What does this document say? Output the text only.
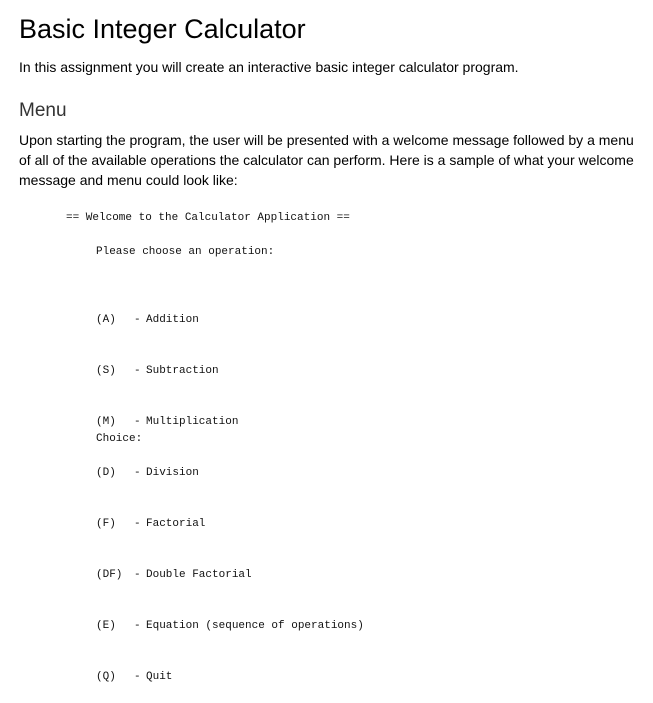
Basic Integer Calculator

In this assignment you will create an interactive basic integer calculator program.

Menu

Upon starting the program, the user will be presented with a welcome message followed by a menu of all of the available operations the calculator can perform. Here is a sample of what your welcome message and menu could look like:

== Welcome to the Calculator Application ==
Please choose an operation:

(A)	- Addition

(S)	- Subtraction

(M)	- Multiplication

(D)	- Division

(F)	- Factorial

(DF)	- Double Factorial

(E)	- Equation (sequence of operations)

(Q)	- Quit

Choice:
